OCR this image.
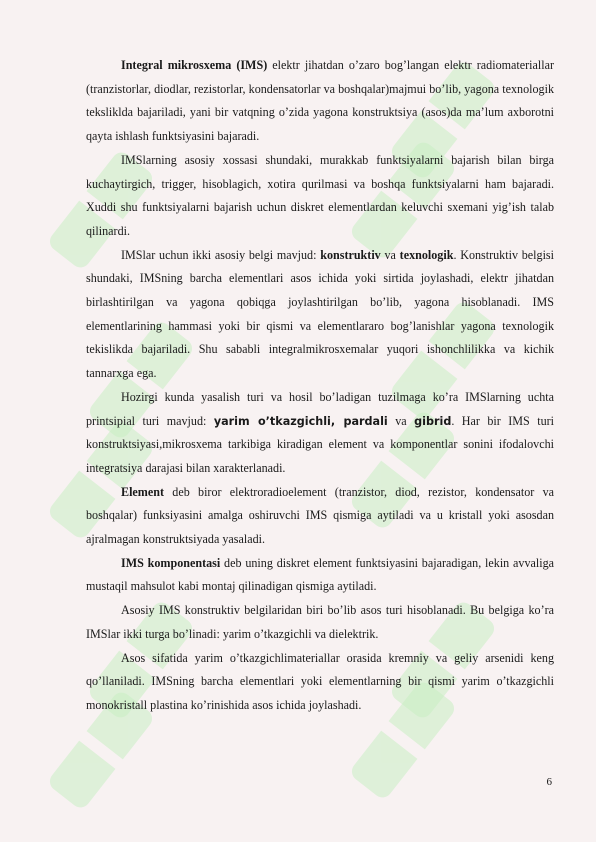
Integral mikrosxema (IMS) elektr jihatdan o’zaro bog’langan elektr radiomateriallar (tranzistorlar, diodlar, rezistorlar, kondensatorlar va boshqalar)majmui bo’lib, yagona texnologik teksliklda bajariladi, yani bir vatqning o’zida yagona konstruktsiya (asos)da ma’lum axborotni qayta ishlash funktsiyasini bajaradi.

IMSlarning asosiy xossasi shundaki, murakkab funktsiyalarni bajarish bilan birga kuchaytirgich, trigger, hisoblagich, xotira qurilmasi va boshqa funktsiyalarni ham bajaradi. Xuddi shu funktsiyalarni bajarish uchun diskret elementlardan keluvchi sxemani yig’ish talab qilinardi.

IMSlar uchun ikki asosiy belgi mavjud: konstruktiv va texnologik. Konstruktiv belgisi shundaki, IMSning barcha elementlari asos ichida yoki sirtida joylashadi, elektr jihatdan birlashtirilgan va yagona qobiqga joylashtirilgan bo’lib, yagona hisoblanadi. IMS elementlarining hammasi yoki bir qismi va elementlararo bog’lanishlar yagona texnologik tekislikda bajariladi. Shu sababli integralmikrosxemalar yuqori ishonchlilikka va kichik tannarxga ega.

Hozirgi kunda yasalish turi va hosil bo’ladigan tuzilmaga ko’ra IMSlarning uchta printsipial turi mavjud: yarim o’tkazgichli, pardali va gibrid. Har bir IMS turi konstruktsiyasi,mikrosxema tarkibiga kiradigan element va komponentlar sonini ifodalovchi integratsiya darajasi bilan xarakterlanadi.

Element deb biror elektroradioelement (tranzistor, diod, rezistor, kondensator va boshqalar) funksiyasini amalga oshiruvchi IMS qismiga aytiladi va u kristall yoki asosdan ajralmagan konstruktsiyada yasaladi.

IMS komponentasi deb uning diskret element funktsiyasini bajaradigan, lekin avvaliga mustaqil mahsulot kabi montaj qilinadigan qismiga aytiladi.

Asosiy IMS konstruktiv belgilaridan biri bo’lib asos turi hisoblanadi. Bu belgiga ko’ra IMSlar ikki turga bo’linadi: yarim o’tkazgichli va dielektrik.

Asos sifatida yarim o’tkazgichlimateriallar orasida kremniy va geliy arsenidi keng qo’llaniladi. IMSning barcha elementlari yoki elementlarning bir qismi yarim o’tkazgichli monokristall plastina ko’rinishida asos ichida joylashadi.

6
